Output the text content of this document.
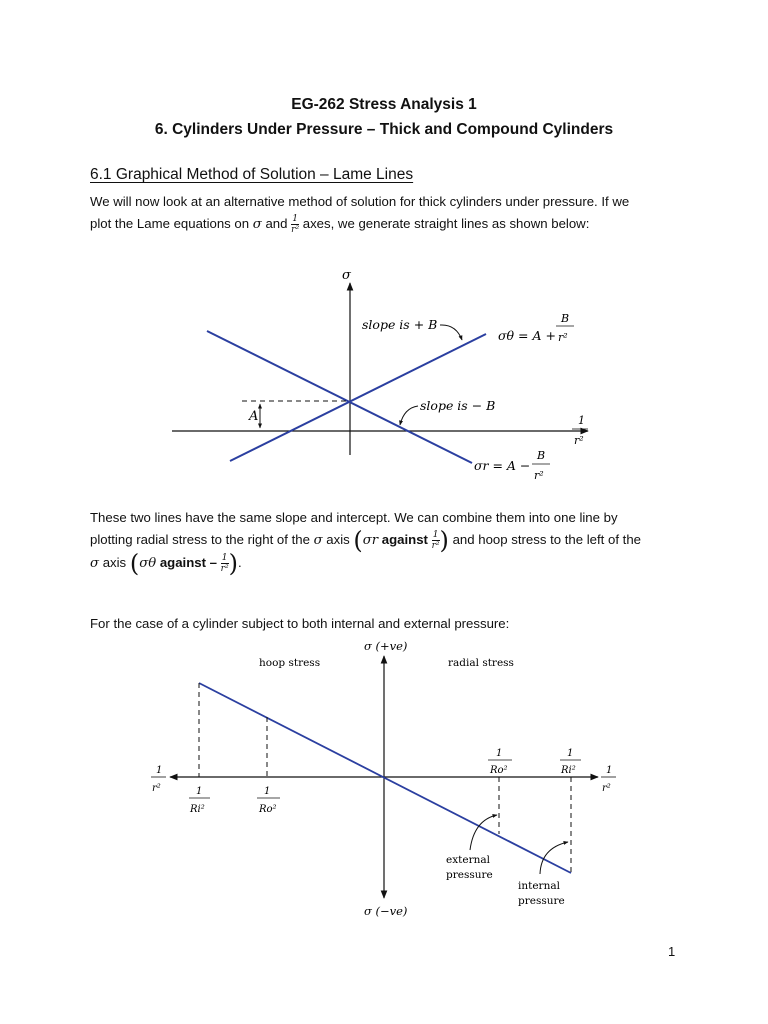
EG-262 Stress Analysis 1
6. Cylinders Under Pressure – Thick and Compound Cylinders
6.1 Graphical Method of Solution – Lame Lines
We will now look at an alternative method of solution for thick cylinders under pressure. If we
plot the Lame equations on σ and $\frac{1}{\text{r²}}$ axes, we generate straight lines as shown below:
These two lines have the same slope and intercept. We can combine them into one line by
plotting radial stress to the right of the σ axis (σr against $\frac{1}{\text{r²}}$ ) and hoop stress to the left of the
σ axis (σθ against – $\frac{1}{\text{r²}}$ ).
For the case of a cylinder subject to both internal and external pressure:
σ
1
r²
A
slope is + B
slope is − B
σθ = A +
B
r²
σr = A −
B
r²
σ (+ve)
σ (−ve)
hoop stress	radial stress
1
r²
1
r²
1
Ri²
1
Ro²
1
Ro²
1
Ri²
external
pressure
internal
pressure
1
